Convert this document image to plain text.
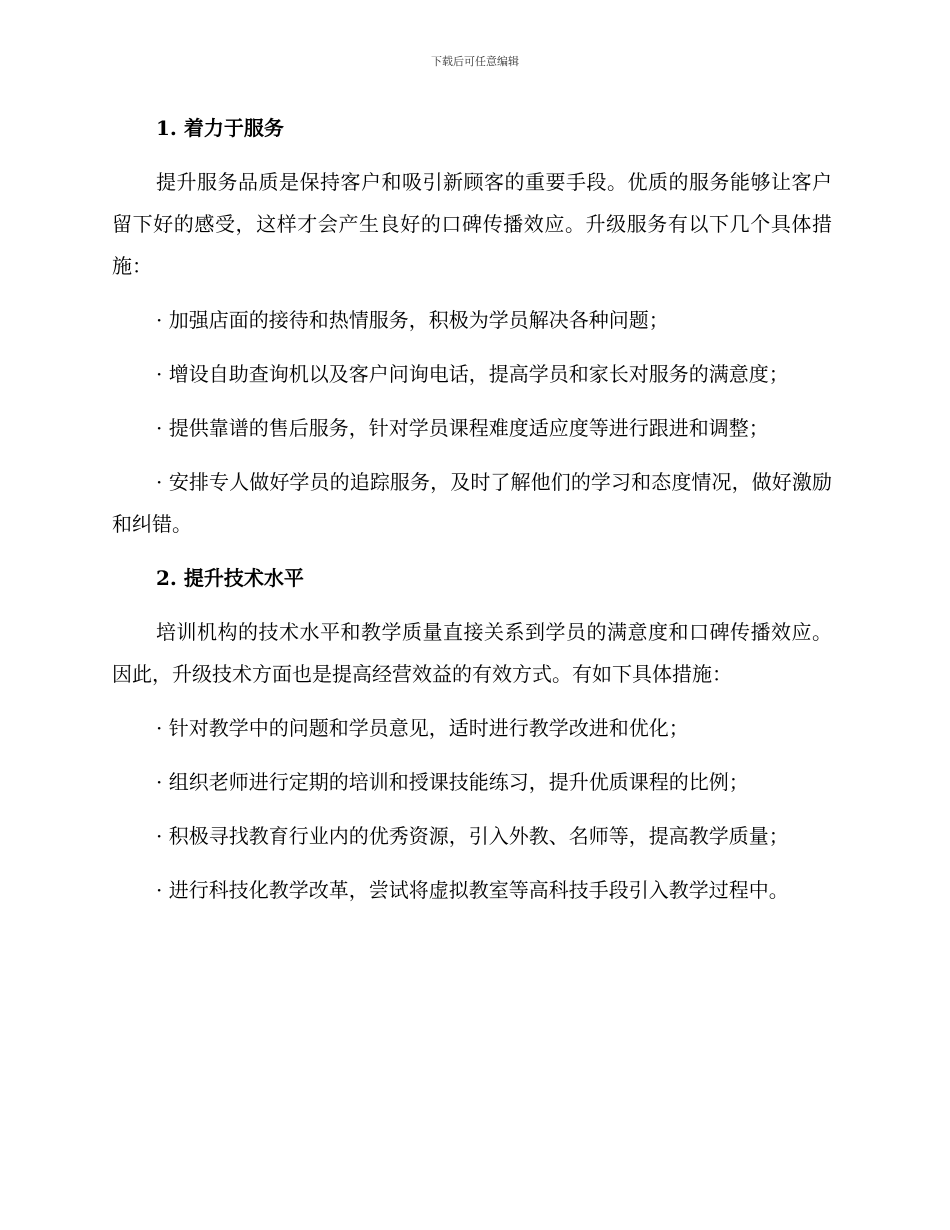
下载后可任意编辑

1. 着力于服务

提升服务品质是保持客户和吸引新顾客的重要手段。优质的服务能够让客户留下好的感受，这样才会产生良好的口碑传播效应。升级服务有以下几个具体措施：

· 加强店面的接待和热情服务，积极为学员解决各种问题；

· 增设自助查询机以及客户问询电话，提高学员和家长对服务的满意度；

· 提供靠谱的售后服务，针对学员课程难度适应度等进行跟进和调整；

· 安排专人做好学员的追踪服务，及时了解他们的学习和态度情况，做好激励和纠错。

2. 提升技术水平

培训机构的技术水平和教学质量直接关系到学员的满意度和口碑传播效应。因此，升级技术方面也是提高经营效益的有效方式。有如下具体措施：

· 针对教学中的问题和学员意见，适时进行教学改进和优化；

· 组织老师进行定期的培训和授课技能练习，提升优质课程的比例；

· 积极寻找教育行业内的优秀资源，引入外教、名师等，提高教学质量；

· 进行科技化教学改革，尝试将虚拟教室等高科技手段引入教学过程中。
